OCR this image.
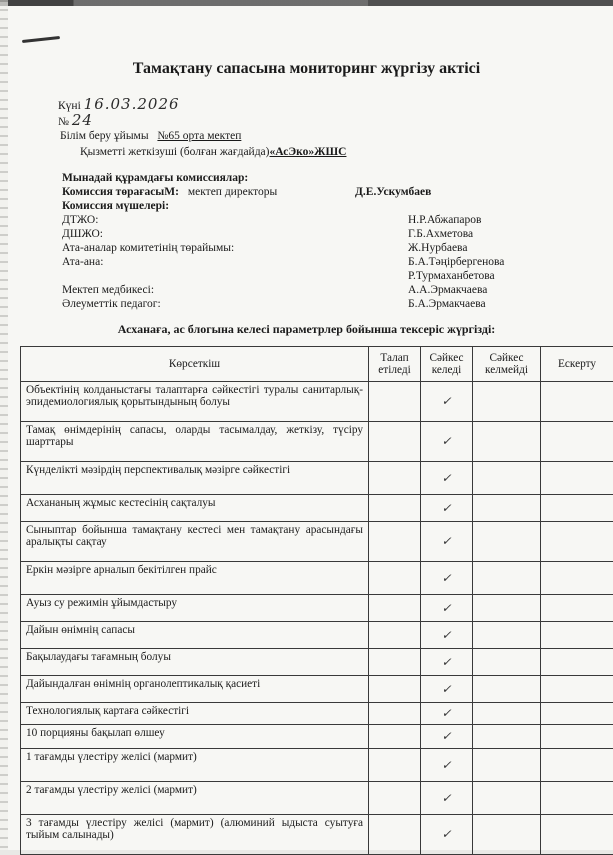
Тамақтану сапасына мониторинг жүргізу актісі
Күні 16.03.2026
№ 24
Білім беру ұйымы №65 орта мектеп
Қызметті жеткізуші (болған жағдайда)«АсЭко»ЖШС
Мынадай құрамдағы комиссиялар:
Комиссия төрағасыМ: мектеп директоры	Д.Е.Ускумбаев
Комиссия мүшелері:
ДТЖО:	Н.Р.Абжапаров
ДШЖО:	Г.Б.Ахметова
Ата-аналар комитетінің төрайымы:	Ж.Нурбаева
Ата-ана:	Б.А.Тәңірбергенова
Р.Турмаханбетова
Мектеп медбикесі:	А.А.Эрмакчаева
Әлеуметтік педагог:	Б.А.Эрмакчаева
Асханаға, ас блогына келесі параметрлер бойынша тексеріс жүргізді:
Көрсеткіш	Талап етіледі	Сәйкес келеді	Сәйкес келмейді	Ескерту
Объектінің колданыстағы талаптарға сәйкестігі туралы санитарлық-эпидемиологиялық қорытындының болуы		✓		
Тамақ өнімдерінің сапасы, оларды тасымалдау, жеткізу, түсіру шарттары		✓		
Күнделікті мәзірдің перспективалық мәзірге сәйкестігі		✓		
Асхананың жұмыс кестесінің сақталуы		✓		
Сыныптар бойынша тамақтану кестесі мен тамақтану арасындағы аралықты сақтау		✓		
Еркін мәзірге арналып бекітілген прайс		✓		
Ауыз су режимін ұйымдастыру		✓		
Дайын өнімнің сапасы		✓		
Бақылаудағы тағамның болуы		✓		
Дайындалған өнімнің органолептикалық қасиеті		✓		
Технологиялық картаға сәйкестігі		✓		
10 порцияны бақылап өлшеу		✓		
1 тағамды үлестіру желісі (мармит)		✓		
2 тағамды үлестіру желісі (мармит)		✓		
3 тағамды үлестіру желісі (мармит) (алюминий ыдыста суытуға тыйым салынады)		✓		
